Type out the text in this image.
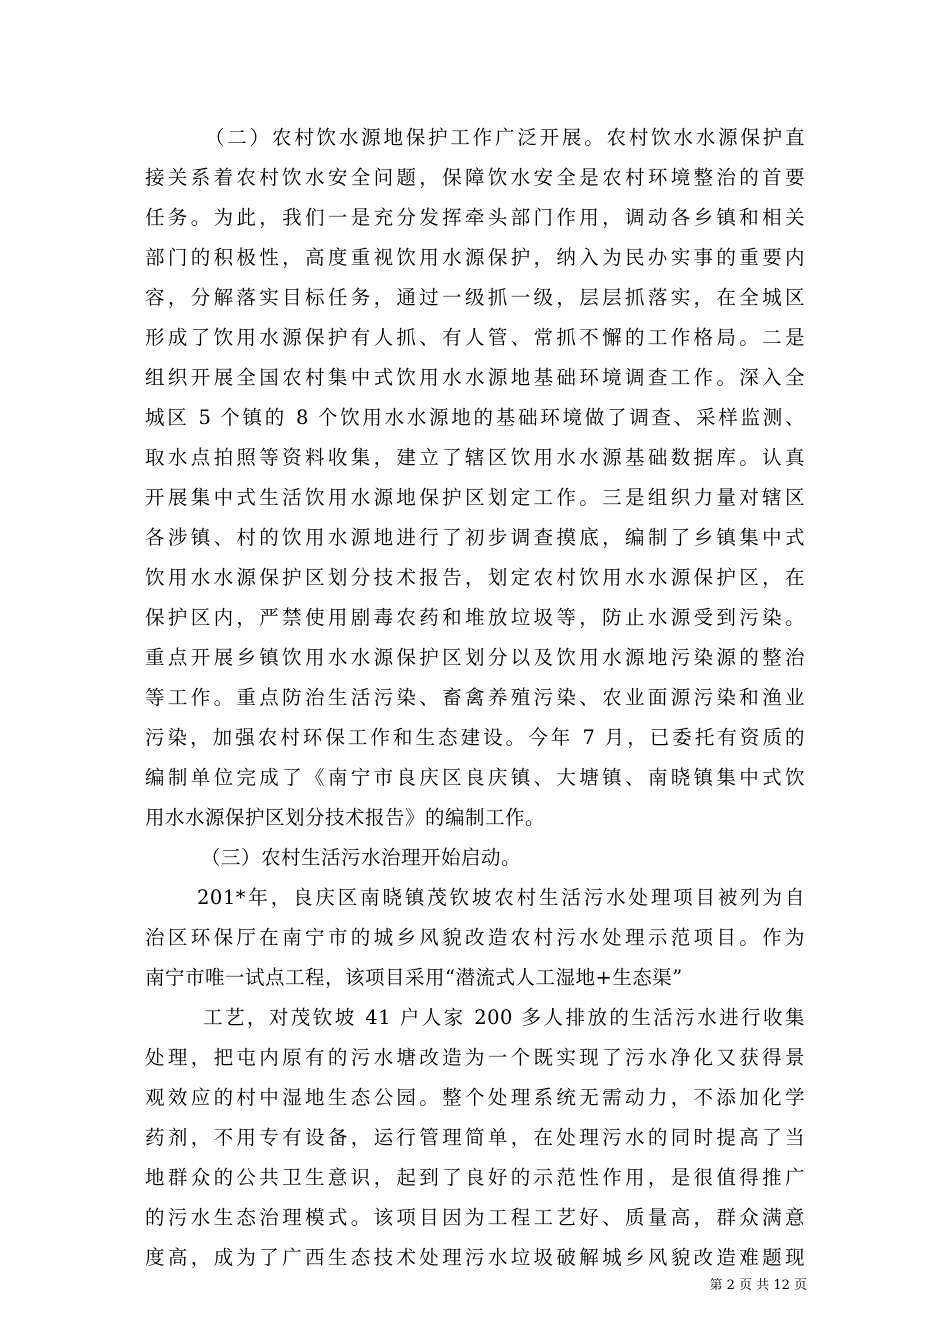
（二）农村饮水源地保护工作广泛开展。农村饮水水源保护直
接关系着农村饮水安全问题，保障饮水安全是农村环境整治的首要
任务。为此，我们一是充分发挥牵头部门作用，调动各乡镇和相关
部门的积极性，高度重视饮用水源保护，纳入为民办实事的重要内
容，分解落实目标任务，通过一级抓一级，层层抓落实，在全城区
形成了饮用水源保护有人抓、有人管、常抓不懈的工作格局。二是
组织开展全国农村集中式饮用水水源地基础环境调查工作。深入全
城区 5 个镇的 8 个饮用水水源地的基础环境做了调查、采样监测、
取水点拍照等资料收集，建立了辖区饮用水水源基础数据库。认真
开展集中式生活饮用水源地保护区划定工作。三是组织力量对辖区
各涉镇、村的饮用水源地进行了初步调查摸底，编制了乡镇集中式
饮用水水源保护区划分技术报告，划定农村饮用水水源保护区，在
保护区内，严禁使用剧毒农药和堆放垃圾等，防止水源受到污染。
重点开展乡镇饮用水水源保护区划分以及饮用水源地污染源的整治
等工作。重点防治生活污染、畜禽养殖污染、农业面源污染和渔业
污染，加强农村环保工作和生态建设。今年 7 月，已委托有资质的
编制单位完成了《南宁市良庆区良庆镇、大塘镇、南晓镇集中式饮
用水水源保护区划分技术报告》的编制工作。
（三）农村生活污水治理开始启动。
201*年，良庆区南晓镇茂钦坡农村生活污水处理项目被列为自
治区环保厅在南宁市的城乡风貌改造农村污水处理示范项目。作为
南宁市唯一试点工程，该项目采用“潜流式人工湿地+生态渠”
工艺，对茂钦坡 41 户人家 200 多人排放的生活污水进行收集
处理，把屯内原有的污水塘改造为一个既实现了污水净化又获得景
观效应的村中湿地生态公园。整个处理系统无需动力，不添加化学
药剂，不用专有设备，运行管理简单，在处理污水的同时提高了当
地群众的公共卫生意识，起到了良好的示范性作用，是很值得推广
的污水生态治理模式。该项目因为工程工艺好、质量高，群众满意
度高，成为了广西生态技术处理污水垃圾破解城乡风貌改造难题现
第 2 页 共 12 页
